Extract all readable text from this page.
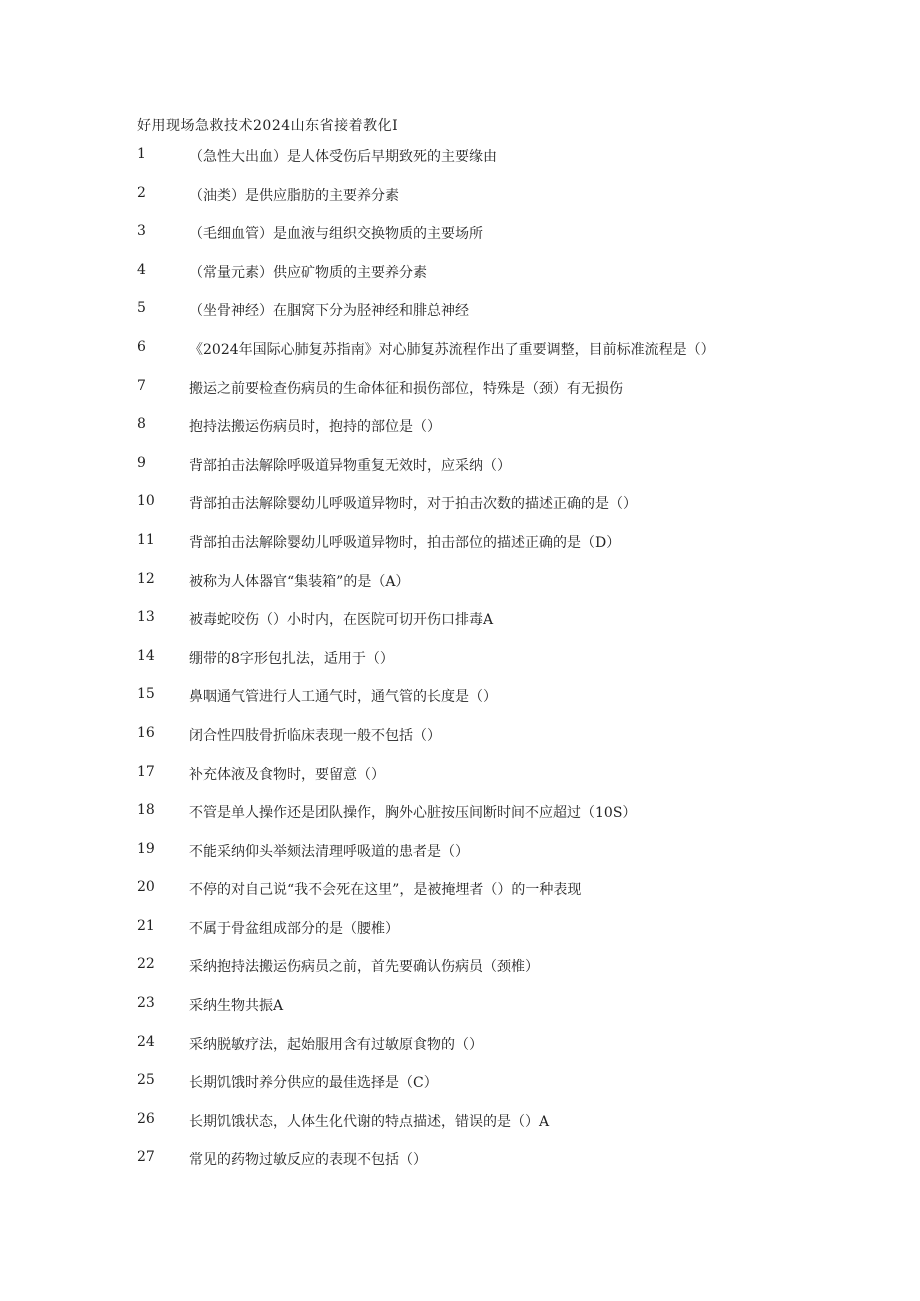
好用现场急救技术2024山东省接着教化I
1	（急性大出血）是人体受伤后早期致死的主要缘由
2	（油类）是供应脂肪的主要养分素
3	（毛细血管）是血液与组织交换物质的主要场所
4	（常量元素）供应矿物质的主要养分素
5	（坐骨神经）在腘窝下分为胫神经和腓总神经
6	《2024年国际心肺复苏指南》对心肺复苏流程作出了重要调整，目前标准流程是（）
7	搬运之前要检查伤病员的生命体征和损伤部位，特殊是（颈）有无损伤
8	抱持法搬运伤病员时，抱持的部位是（）
9	背部拍击法解除呼吸道异物重复无效时，应采纳（）
10	背部拍击法解除婴幼儿呼吸道异物时，对于拍击次数的描述正确的是（）
11	背部拍击法解除婴幼儿呼吸道异物时，拍击部位的描述正确的是（D）
12	被称为人体器官“集装箱”的是（A）
13	被毒蛇咬伤（）小时内，在医院可切开伤口排毒A
14	绷带的8字形包扎法，适用于（）
15	鼻咽通气管进行人工通气时，通气管的长度是（）
16	闭合性四肢骨折临床表现一般不包括（）
17	补充体液及食物时，要留意（）
18	不管是单人操作还是团队操作，胸外心脏按压间断时间不应超过（10S）
19	不能采纳仰头举颏法清理呼吸道的患者是（）
20	不停的对自己说“我不会死在这里”，是被掩埋者（）的一种表现
21	不属于骨盆组成部分的是（腰椎）
22	采纳抱持法搬运伤病员之前，首先要确认伤病员（颈椎）
23	采纳生物共振A
24	采纳脱敏疗法，起始服用含有过敏原食物的（）
25	长期饥饿时养分供应的最佳选择是（C）
26	长期饥饿状态，人体生化代谢的特点描述，错误的是（）A
27	常见的药物过敏反应的表现不包括（）
